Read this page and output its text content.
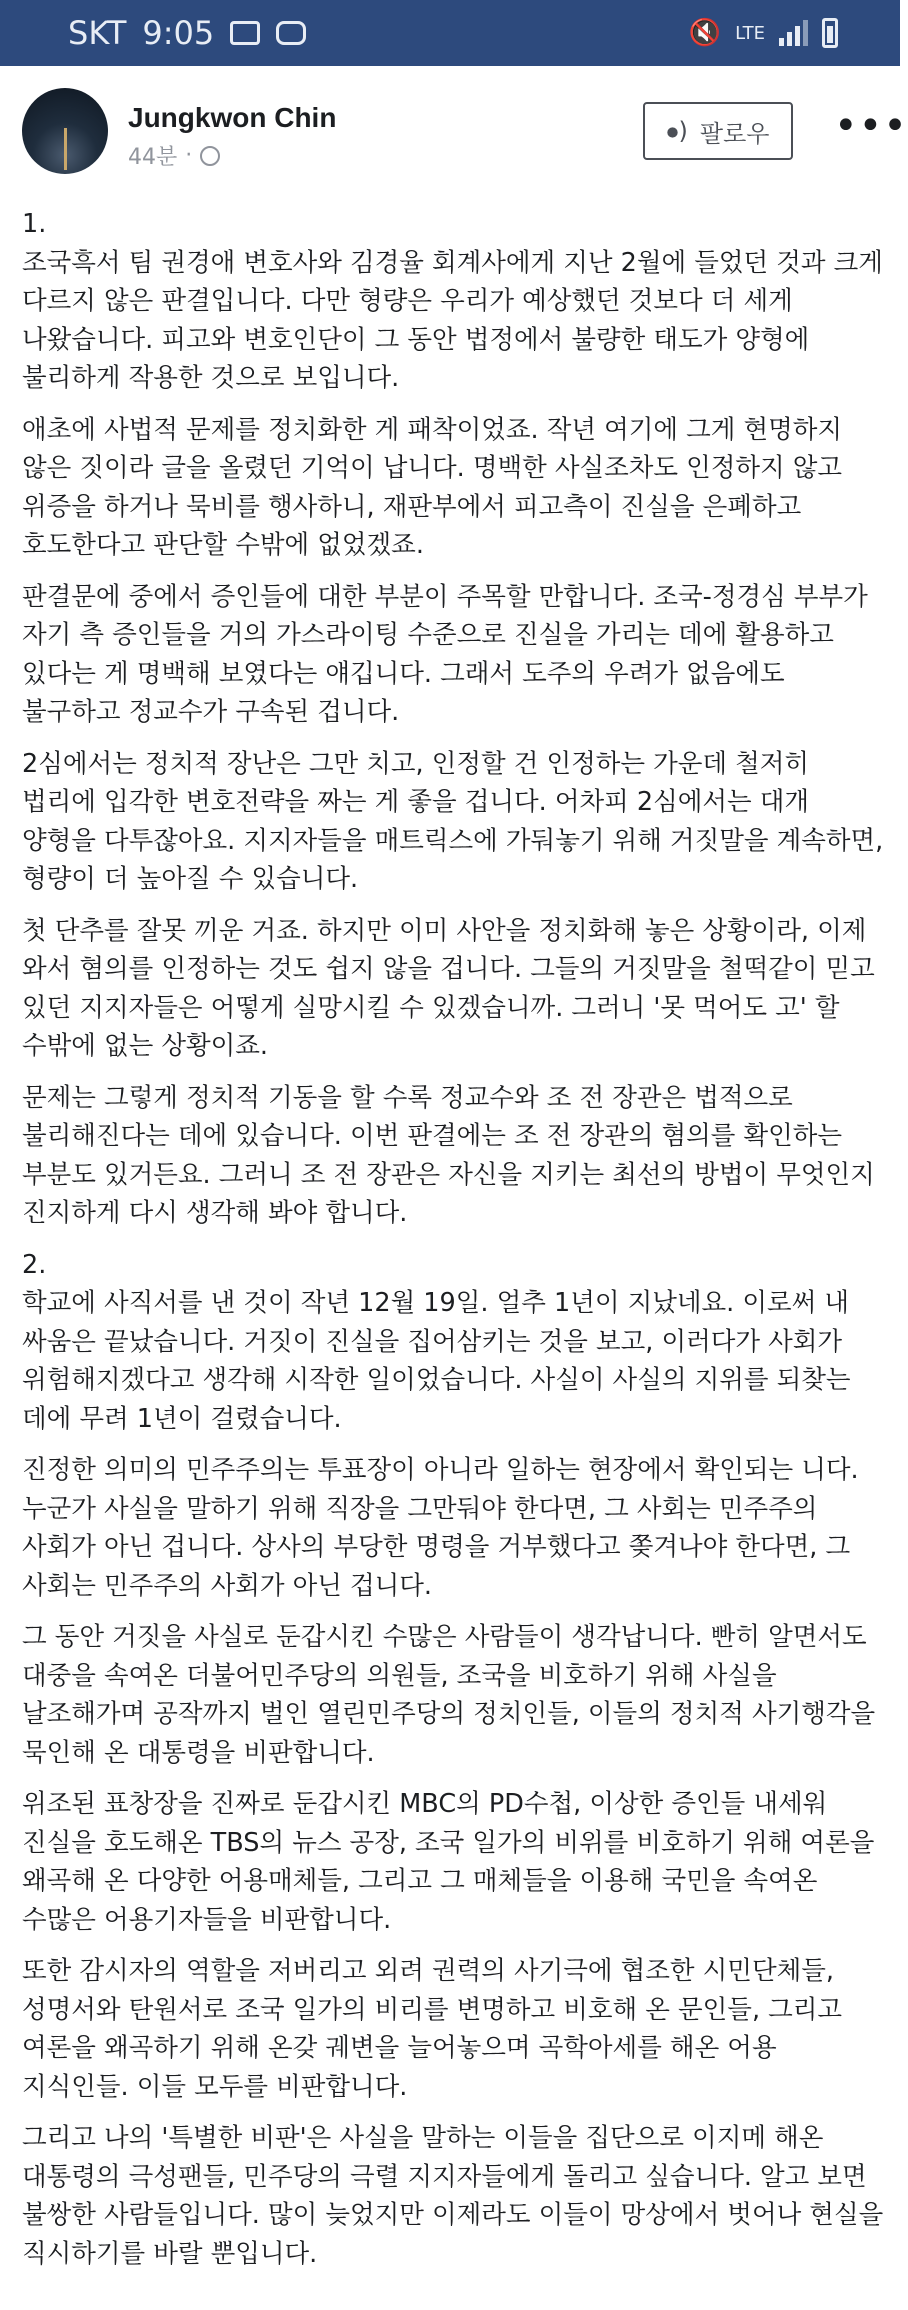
SKT 9:05	🔇 LTE
Jungkwon Chin
44분 ·
⦁) 팔로우 •••

1.

조국흑서 팀 권경애 변호사와 김경율 회계사에게 지난 2월에 들었던 것과 크게 다르지 않은 판결입니다. 다만 형량은 우리가 예상했던 것보다 더 세게 나왔습니다. 피고와 변호인단이 그 동안 법정에서 불량한 태도가 양형에 불리하게 작용한 것으로 보입니다.

애초에 사법적 문제를 정치화한 게 패착이었죠. 작년 여기에 그게 현명하지 않은 짓이라 글을 올렸던 기억이 납니다. 명백한 사실조차도 인정하지 않고 위증을 하거나 묵비를 행사하니, 재판부에서 피고측이 진실을 은폐하고 호도한다고 판단할 수밖에 없었겠죠.

판결문에 중에서 증인들에 대한 부분이 주목할 만합니다. 조국-정경심 부부가 자기 측 증인들을 거의 가스라이팅 수준으로 진실을 가리는 데에 활용하고 있다는 게 명백해 보였다는 얘깁니다. 그래서 도주의 우려가 없음에도 불구하고 정교수가 구속된 겁니다.

2심에서는 정치적 장난은 그만 치고, 인정할 건 인정하는 가운데 철저히 법리에 입각한 변호전략을 짜는 게 좋을 겁니다. 어차피 2심에서는 대개 양형을 다투잖아요. 지지자들을 매트릭스에 가둬놓기 위해 거짓말을 계속하면, 형량이 더 높아질 수 있습니다.

첫 단추를 잘못 끼운 거죠. 하지만 이미 사안을 정치화해 놓은 상황이라, 이제 와서 혐의를 인정하는 것도 쉽지 않을 겁니다. 그들의 거짓말을 철떡같이 믿고 있던 지지자들은 어떻게 실망시킬 수 있겠습니까. 그러니 '못 먹어도 고' 할 수밖에 없는 상황이죠.

문제는 그렇게 정치적 기동을 할 수록 정교수와 조 전 장관은 법적으로 불리해진다는 데에 있습니다. 이번 판결에는 조 전 장관의 혐의를 확인하는 부분도 있거든요. 그러니 조 전 장관은 자신을 지키는 최선의 방법이 무엇인지 진지하게 다시 생각해 봐야 합니다.

2.

학교에 사직서를 낸 것이 작년 12월 19일. 얼추 1년이 지났네요. 이로써 내 싸움은 끝났습니다. 거짓이 진실을 집어삼키는 것을 보고, 이러다가 사회가 위험해지겠다고 생각해 시작한 일이었습니다. 사실이 사실의 지위를 되찾는 데에 무려 1년이 걸렸습니다.

진정한 의미의 민주주의는 투표장이 아니라 일하는 현장에서 확인되는 니다. 누군가 사실을 말하기 위해 직장을 그만둬야 한다면, 그 사회는 민주주의 사회가 아닌 겁니다. 상사의 부당한 명령을 거부했다고 쫒겨나야 한다면, 그 사회는 민주주의 사회가 아닌 겁니다.

그 동안 거짓을 사실로 둔갑시킨 수많은 사람들이 생각납니다. 빤히 알면서도 대중을 속여온 더불어민주당의 의원들, 조국을 비호하기 위해 사실을 날조해가며 공작까지 벌인 열린민주당의 정치인들, 이들의 정치적 사기행각을 묵인해 온 대통령을 비판합니다.

위조된 표창장을 진짜로 둔갑시킨 MBC의 PD수첩, 이상한 증인들 내세워 진실을 호도해온 TBS의 뉴스 공장, 조국 일가의 비위를 비호하기 위해 여론을 왜곡해 온 다양한 어용매체들, 그리고 그 매체들을 이용해 국민을 속여온 수많은 어용기자들을 비판합니다.

또한 감시자의 역할을 저버리고 외려 권력의 사기극에 협조한 시민단체들, 성명서와 탄원서로 조국 일가의 비리를 변명하고 비호해 온 문인들, 그리고 여론을 왜곡하기 위해 온갖 궤변을 늘어놓으며 곡학아세를 해온 어용 지식인들. 이들 모두를 비판합니다.

그리고 나의 '특별한 비판'은 사실을 말하는 이들을 집단으로 이지메 해온 대통령의 극성팬들, 민주당의 극렬 지지자들에게 돌리고 싶습니다. 알고 보면 불쌍한 사람들입니다. 많이 늦었지만 이제라도 이들이 망상에서 벗어나 현실을 직시하기를 바랄 뿐입니다.
